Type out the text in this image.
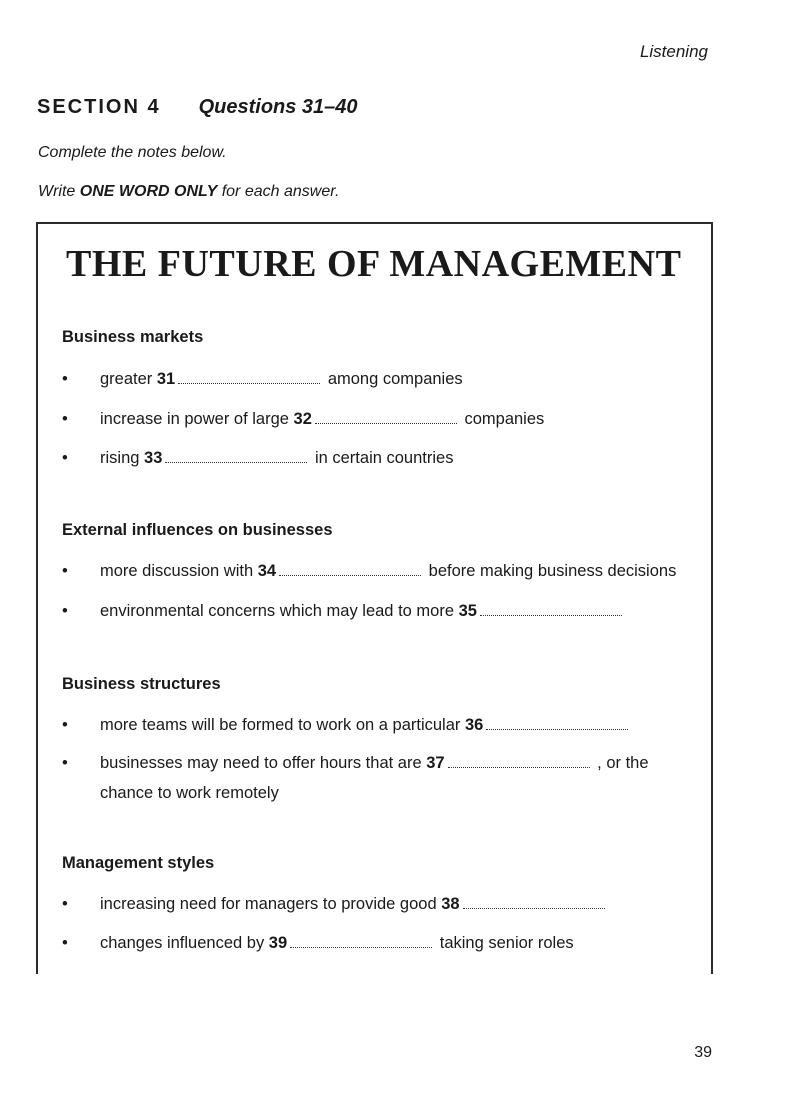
Listening
SECTION 4 Questions 31–40
Complete the notes below.
Write ONE WORD ONLY for each answer.
THE FUTURE OF MANAGEMENT
Business markets
•	greater 31	among companies
•	increase in power of large 32	companies
•	rising 33	in certain countries
External influences on businesses
•	more discussion with 34	before making business decisions
•	environmental concerns which may lead to more 35
Business structures
•	more teams will be formed to work on a particular 36
•	businesses may need to offer hours that are 37	, or the chance to work remotely
Management styles
•	increasing need for managers to provide good 38
•	changes influenced by 39	taking senior roles
39
